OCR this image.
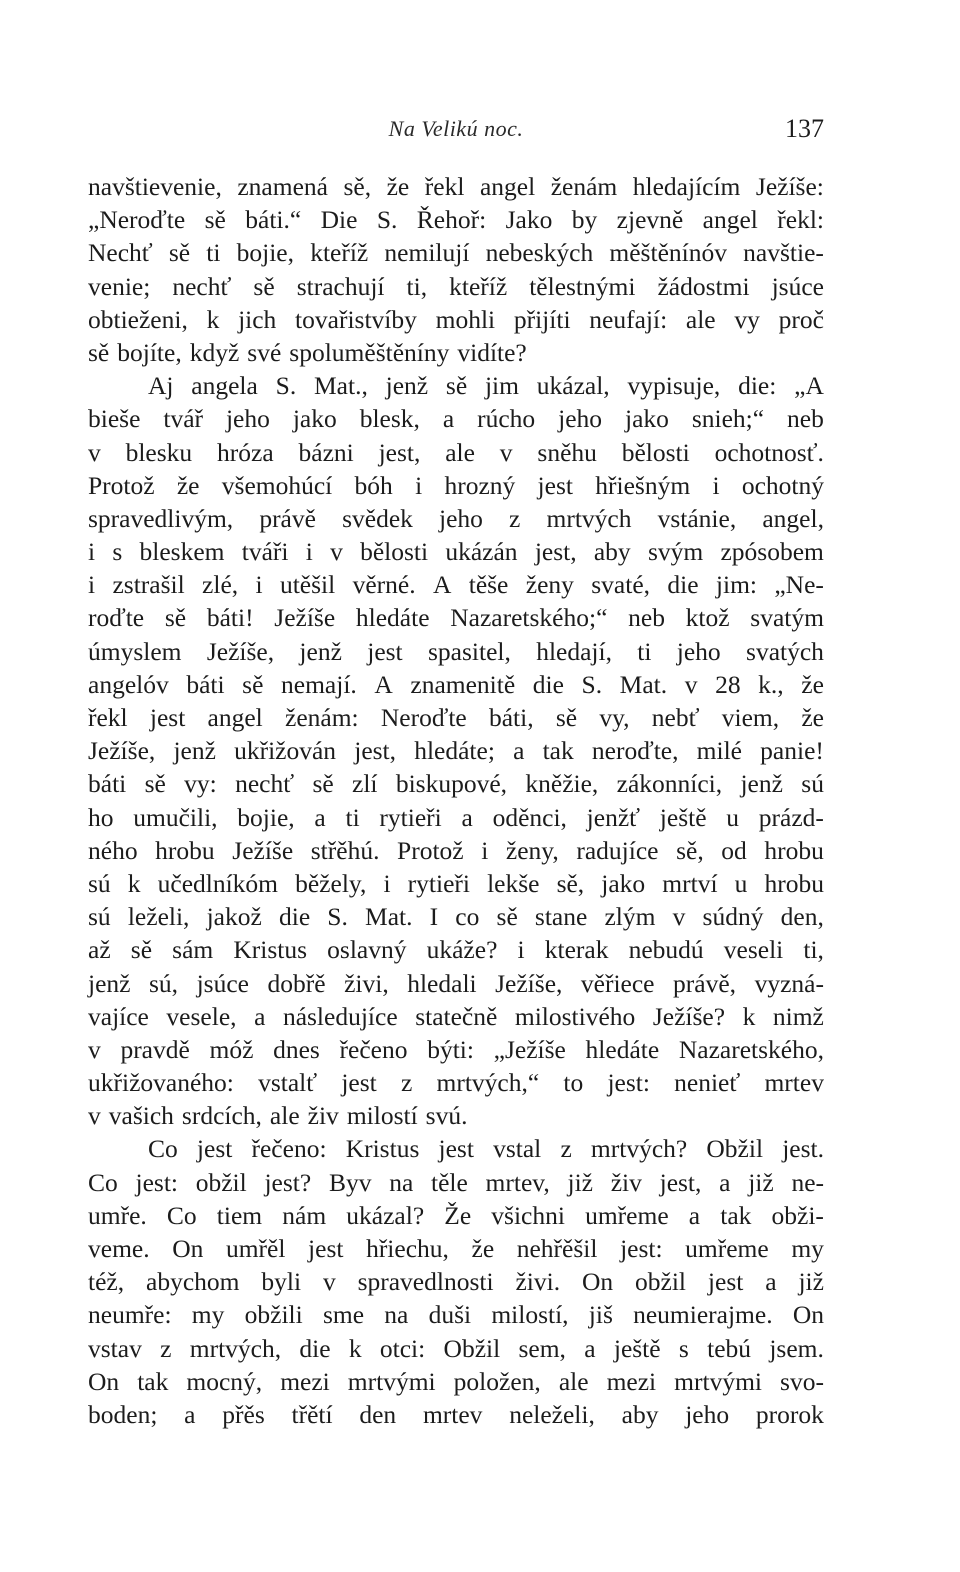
Na Velikú noc.	137
navštievenie, znamená sě, že řekl angel ženám hledajícím Ježíše:
„Neroďte sě báti.“ Die S. Řehoř: Jako by zjevně angel řekl:
Nechť sě ti bojie, kteříž nemilují nebeských měštěnínóv navštie-
venie; nechť sě strachují ti, kteříž tělestnými žádostmi jsúce
obtieženi, k jich tovařistvíby mohli přijíti neufají: ale vy proč
sě bojíte, když své spoluměštěníny vidíte?
Aj angela S. Mat., jenž sě jim ukázal, vypisuje, die: „A
bieše tvář jeho jako blesk, a rúcho jeho jako snieh;“ neb
v blesku hróza bázni jest, ale v sněhu bělosti ochotnosť.
Protož že všemohúcí bóh i hrozný jest hřiešným i ochotný
spravedlivým, právě svědek jeho z mrtvých vstánie, angel,
i s bleskem tváři i v bělosti ukázán jest, aby svým zpósobem
i zstrašil zlé, i utěšil věrné. A těše ženy svaté, die jim: „Ne-
roďte sě báti! Ježíše hledáte Nazaretského;“ neb ktož svatým
úmyslem Ježíše, jenž jest spasitel, hledají, ti jeho svatých
angelóv báti sě nemají. A znamenitě die S. Mat. v 28 k., že
řekl jest angel ženám: Neroďte báti, sě vy, nebť viem, že
Ježíše, jenž ukřižován jest, hledáte; a tak neroďte, milé panie!
báti sě vy: nechť sě zlí biskupové, kněžie, zákonníci, jenž sú
ho umučili, bojie, a ti rytieři a oděnci, jenžť ještě u prázd-
ného hrobu Ježíše střěhú. Protož i ženy, radujíce sě, od hrobu
sú k učedlníkóm běžely, i rytieři lekše sě, jako mrtví u hrobu
sú leželi, jakož die S. Mat. I co sě stane zlým v súdný den,
až sě sám Kristus oslavný ukáže? i kterak nebudú veseli ti,
jenž sú, jsúce dobřě živi, hledali Ježíše, věřiece právě, vyzná-
vajíce vesele, a následujíce statečně milostivého Ježíše? k nimž
v pravdě móž dnes řečeno býti: „Ježíše hledáte Nazaretského,
ukřižovaného: vstalť jest z mrtvých,“ to jest: nenieť mrtev
v vašich srdcích, ale živ milostí svú.
Co jest řečeno: Kristus jest vstal z mrtvých? Obžil jest.
Co jest: obžil jest? Byv na těle mrtev, již živ jest, a již ne-
umře. Co tiem nám ukázal? Že všichni umřeme a tak obži-
veme. On umřěl jest hřiechu, že nehřěšil jest: umřeme my
též, abychom byli v spravedlnosti živi. On obžil jest a již
neumře: my obžili sme na duši milostí, jiš neumierajme. On
vstav z mrtvých, die k otci: Obžil sem, a ještě s tebú jsem.
On tak mocný, mezi mrtvými položen, ale mezi mrtvými svo-
boden; a přěs třětí den mrtev neleželi, aby jeho prorok
